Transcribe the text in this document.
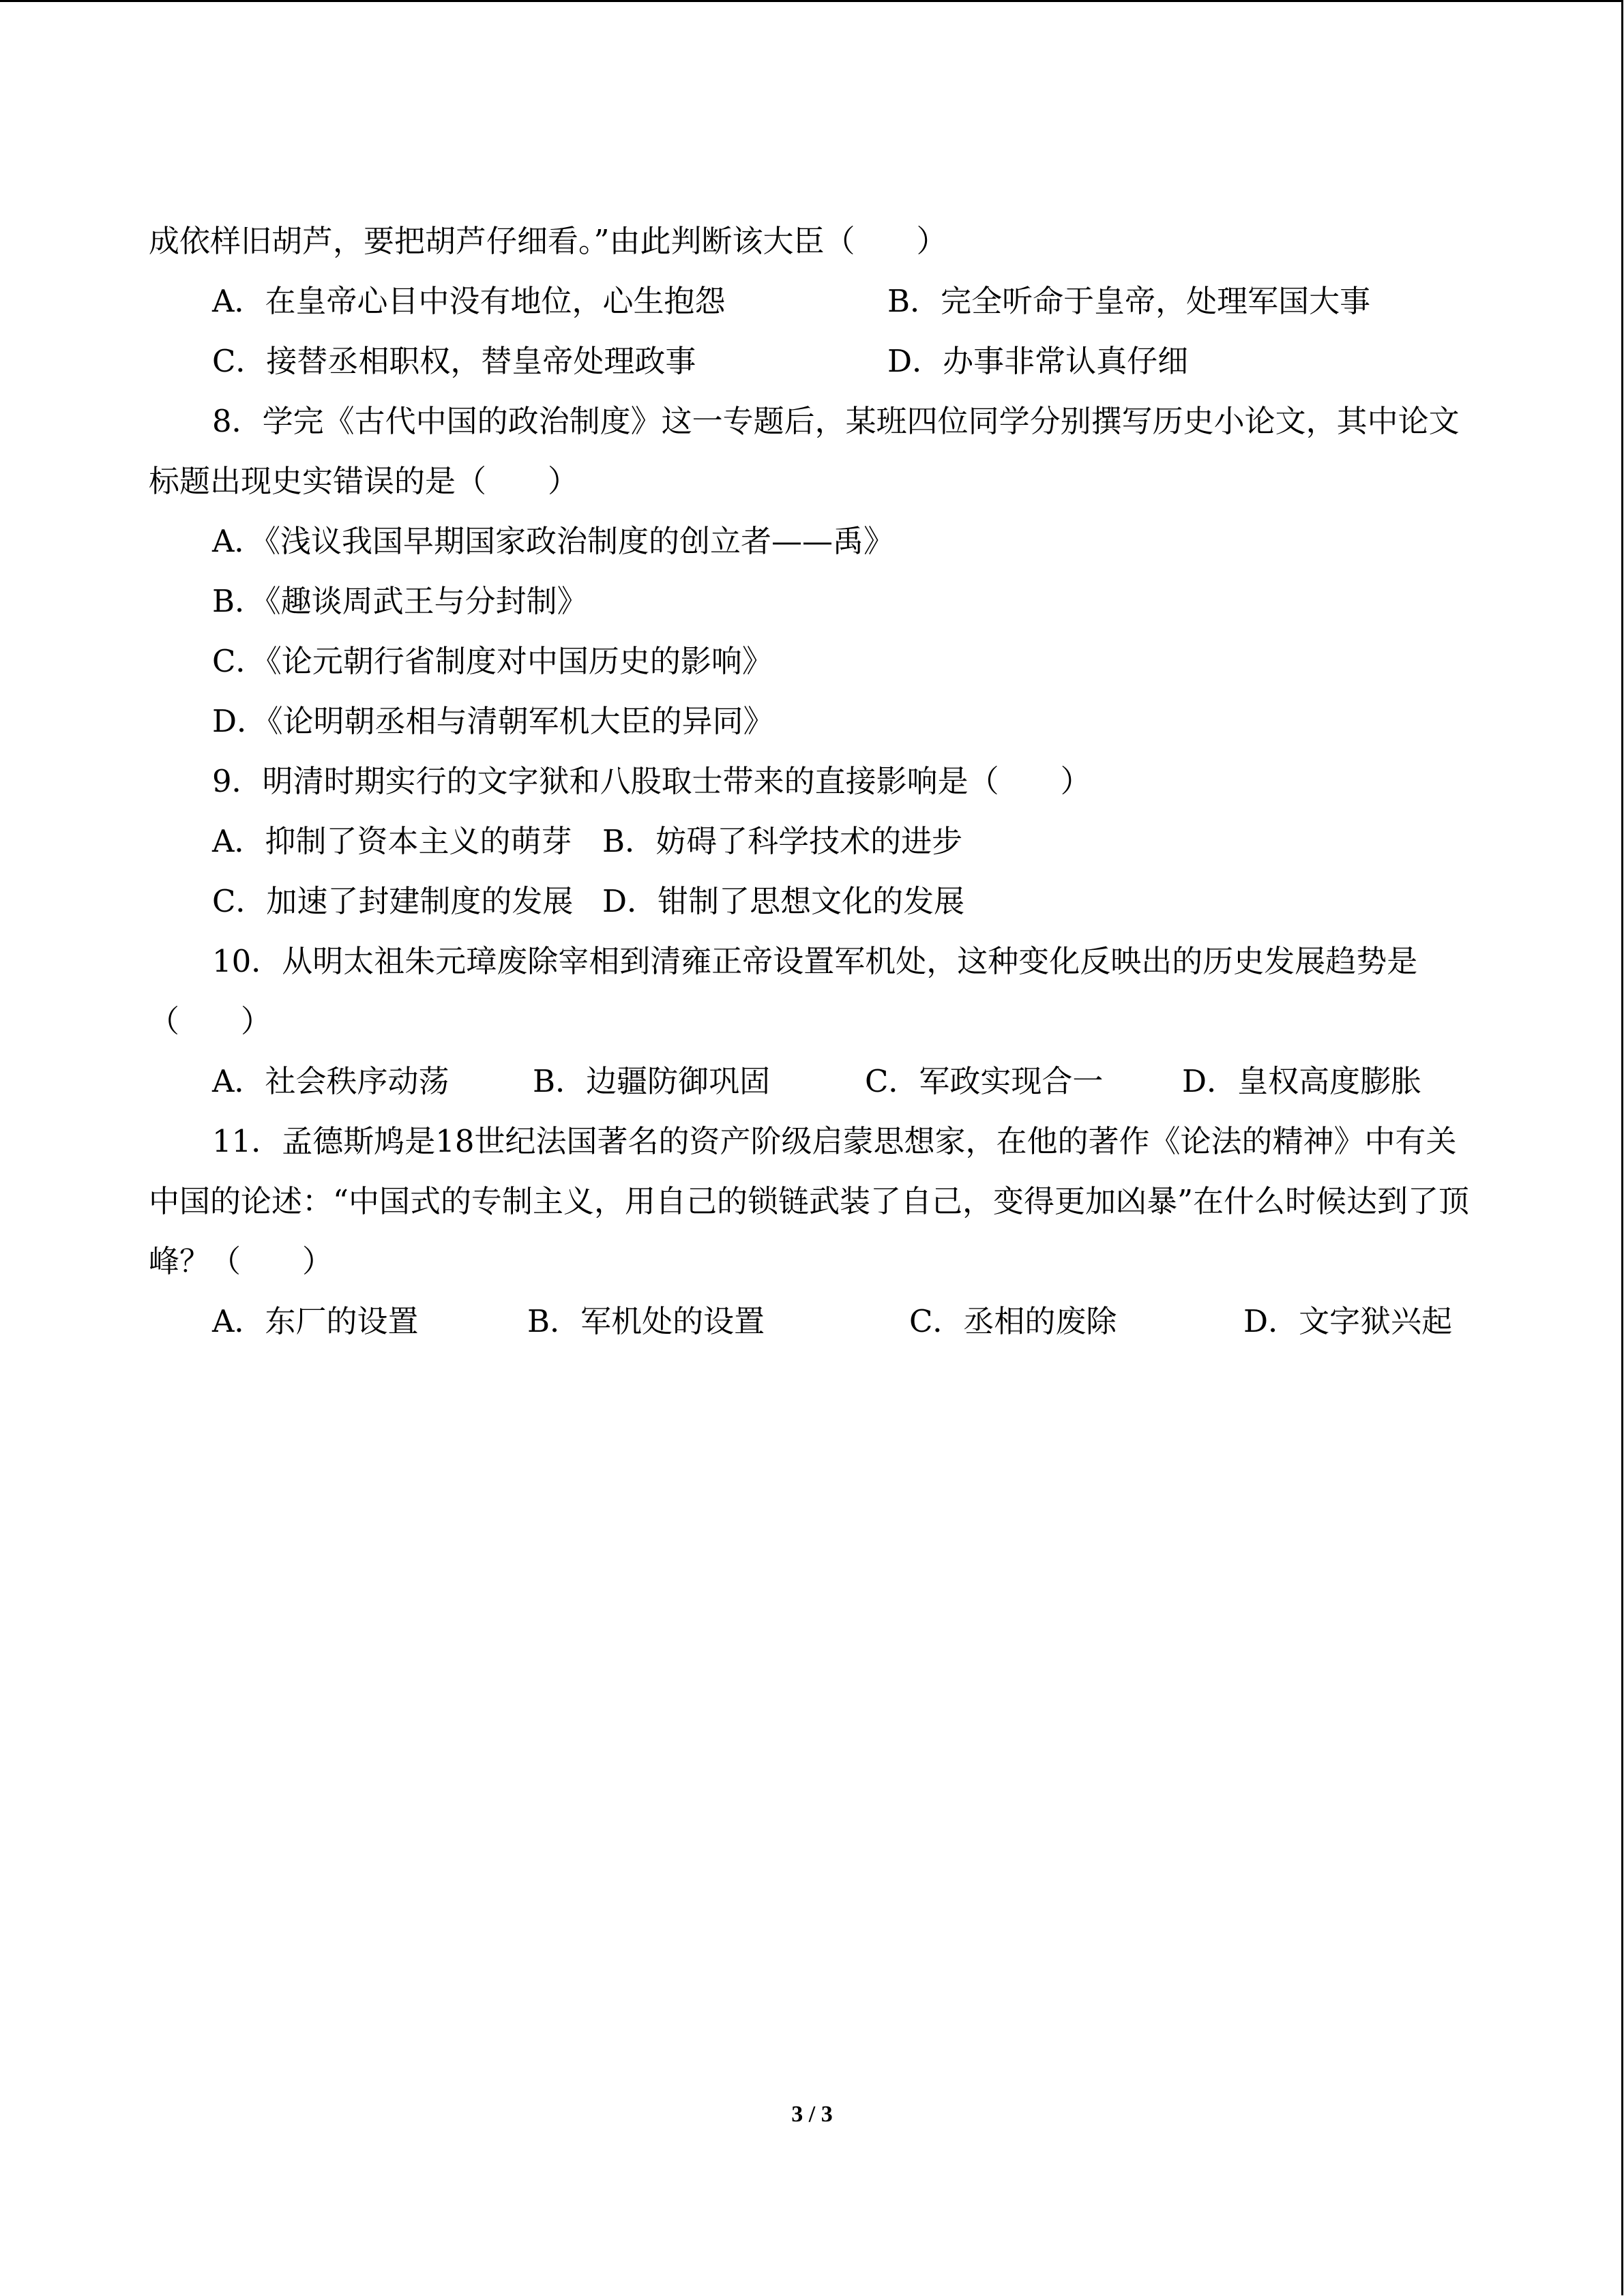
成依样旧胡芦，要把胡芦仔细看。”由此判断该大臣（　　）
A．在皇帝心目中没有地位，心生抱怨	B．完全听命于皇帝，处理军国大事
C．接替丞相职权，替皇帝处理政事	D．办事非常认真仔细
8．学完《古代中国的政治制度》这一专题后，某班四位同学分别撰写历史小论文，其中论文标题出现史实错误的是（　　）
A．《浅议我国早期国家政治制度的创立者——禹》
B．《趣谈周武王与分封制》
C．《论元朝行省制度对中国历史的影响》
D．《论明朝丞相与清朝军机大臣的异同》
9．明清时期实行的文字狱和八股取士带来的直接影响是（　　）
A．抑制了资本主义的萌芽 B．妨碍了科学技术的进步
C．加速了封建制度的发展 D．钳制了思想文化的发展
10．从明太祖朱元璋废除宰相到清雍正帝设置军机处，这种变化反映出的历史发展趋势是（　　）
A．社会秩序动荡	B．边疆防御巩固	C．军政实现合一	D．皇权高度膨胀
11．孟德斯鸠是18世纪法国著名的资产阶级启蒙思想家，在他的著作《论法的精神》中有关中国的论述：“中国式的专制主义，用自己的锁链武装了自己，变得更加凶暴”在什么时候达到了顶峰？（　　）
A．东厂的设置	B．军机处的设置	C．丞相的废除	D．文字狱兴起
3 / 3
